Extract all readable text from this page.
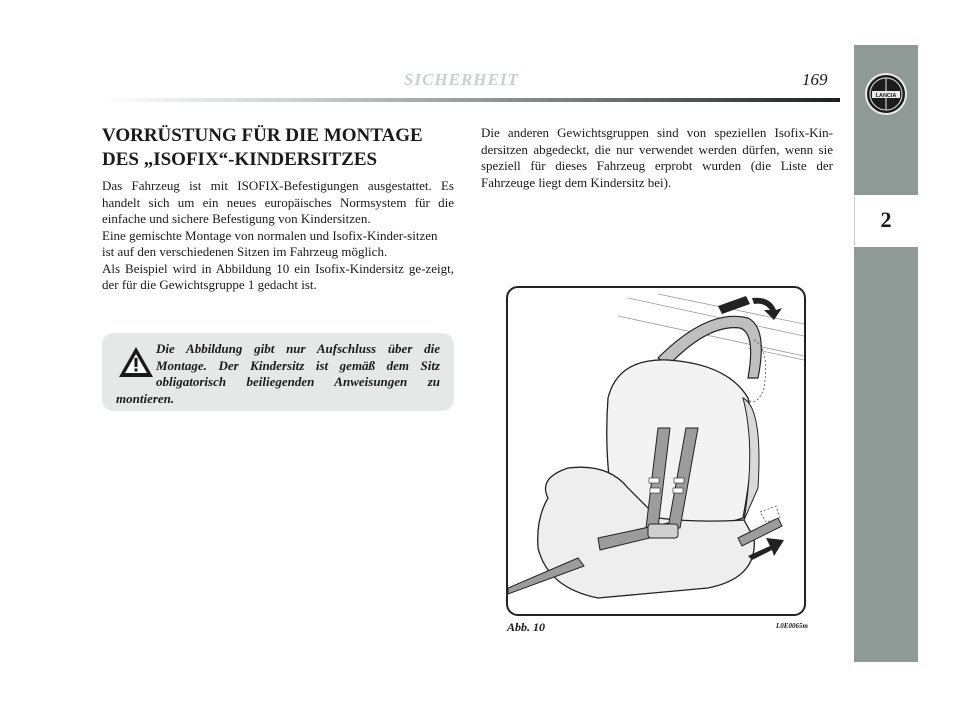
SICHERHEIT	169
2
LANCIA
VORRÜSTUNG FÜR DIE MONTAGE
DES „ISOFIX“-KINDERSITZES

Das Fahrzeug ist mit ISOFIX-Befestigungen ausgestattet. Es handelt sich um ein neues europäisches Normsystem für die einfache und sichere Befestigung von Kindersitzen.

Eine gemischte Montage von normalen und Isofix-Kinder-sitzen

ist auf den verschiedenen Sitzen im Fahrzeug möglich.

Als Beispiel wird in Abbildung 10 ein Isofix-Kindersitz ge-zeigt, der für die Gewichtsgruppe 1 gedacht ist.

Die Abbildung gibt nur Aufschluss über die Montage. Der Kindersitz ist gemäß dem Sitz obligatorisch beiliegenden Anweisungen zu montieren.

Die anderen Gewichtsgruppen sind von speziellen Isofix-Kin-dersitzen abgedeckt, die nur verwendet werden dürfen, wenn sie speziell für dieses Fahrzeug erprobt wurden (die Liste der Fahrzeuge liegt dem Kindersitz bei).

Abb. 10	L0E0065m
